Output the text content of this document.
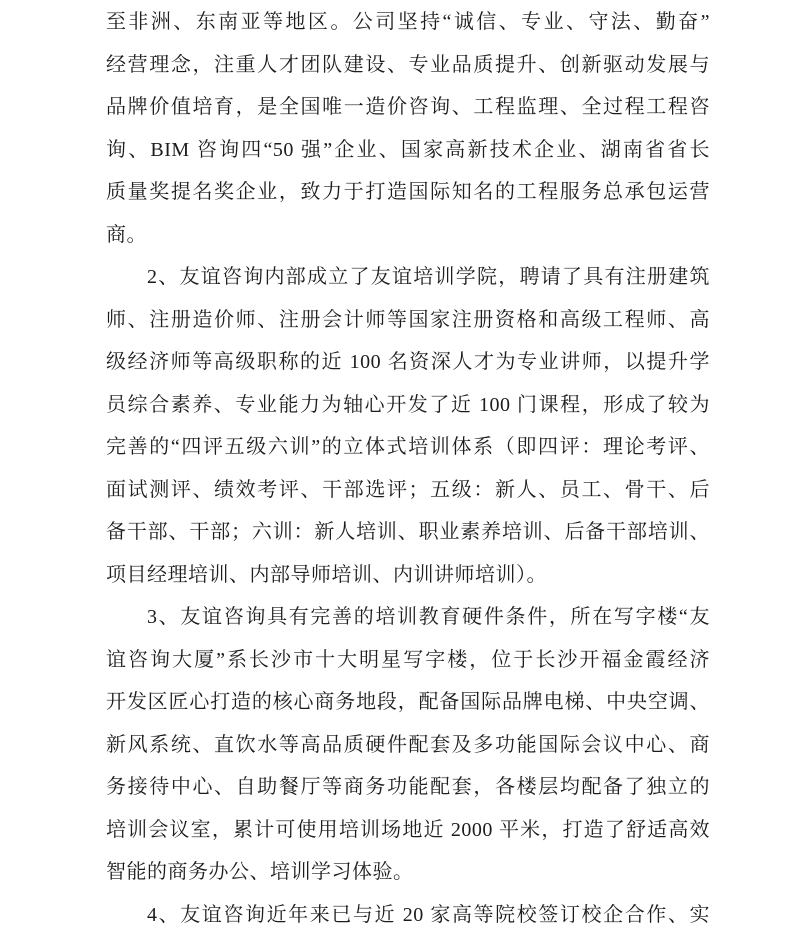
至非洲、东南亚等地区。公司坚持“诚信、专业、守法、勤奋”
经营理念，注重人才团队建设、专业品质提升、创新驱动发展与
品牌价值培育，是全国唯一造价咨询、工程监理、全过程工程咨
询、BIM 咨询四“50 强”企业、国家高新技术企业、湖南省省长
质量奖提名奖企业，致力于打造国际知名的工程服务总承包运营
商。
2、友谊咨询内部成立了友谊培训学院，聘请了具有注册建筑
师、注册造价师、注册会计师等国家注册资格和高级工程师、高
级经济师等高级职称的近 100 名资深人才为专业讲师，以提升学
员综合素养、专业能力为轴心开发了近 100 门课程，形成了较为
完善的“四评五级六训”的立体式培训体系（即四评：理论考评、
面试测评、绩效考评、干部选评；五级：新人、员工、骨干、后
备干部、干部；六训：新人培训、职业素养培训、后备干部培训、
项目经理培训、内部导师培训、内训讲师培训）。
3、友谊咨询具有完善的培训教育硬件条件，所在写字楼“友
谊咨询大厦”系长沙市十大明星写字楼，位于长沙开福金霞经济
开发区匠心打造的核心商务地段，配备国际品牌电梯、中央空调、
新风系统、直饮水等高品质硬件配套及多功能国际会议中心、商
务接待中心、自助餐厅等商务功能配套，各楼层均配备了独立的
培训会议室，累计可使用培训场地近 2000 平米，打造了舒适高效
智能的商务办公、培训学习体验。
4、友谊咨询近年来已与近 20 家高等院校签订校企合作、实
